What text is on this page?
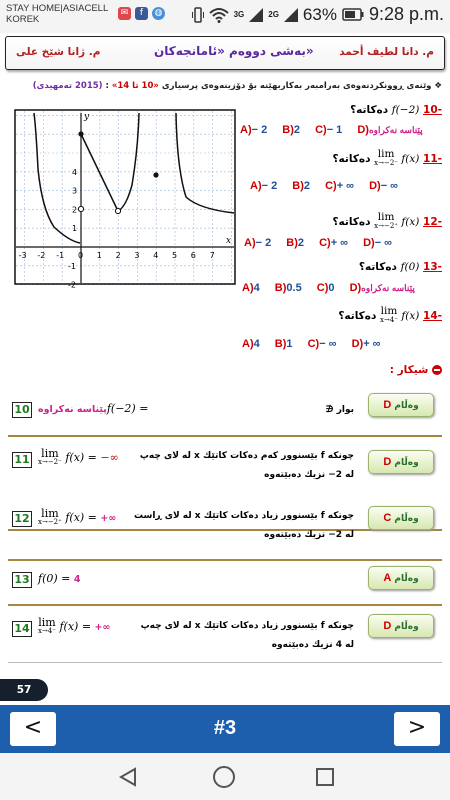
STAY HOME|ASIACELL
KOREK
✉	f	◍	3G	2G 63% 9:28 p.m.
م. ژانا شێخ علی	بەشی دووەم «ئامانجەكان» م. دانا لطیف أحمد
❖ وێنەی ڕوونكردنەوەی بەرامبەر بەكاربهێنە بۆ دۆزینەوەی پرسیاری «10 تا 14» : (2015 تەمهیدی)
x
y
-3 -2 -1 0 1 2 3 4 5 6 7
4
3
2
1
-1
-2
-10 f(−2) دەكاتە؟
A)− 2 B)2 C)− 1 D)پێناسە نەكراوە
-11 lim
x→−2⁻ f(x) دەكاتە؟
A)− 2 B)2 C)+ ∞ D)− ∞
-12 lim
x→−2⁺ f(x) دەكاتە؟
A)− 2 B)2 C)+ ∞ D)− ∞
-13 f(0) دەكاتە؟
A)4 B)0.5 C)0 D)پێناسە نەكراوە
-14 lim
x→4⁻ f(x) دەكاتە؟
A)4 B)1 C)− ∞ D)+ ∞
شیكار :
10	f(−2) = پێناسە نەكراوە	بوار ∉	وەڵام D
11 lim
x→−2⁻ f(x) = −∞ چونكە f بێسنوور كەم دەكات كاتێك x لە لای چەپ
لە 2− نزیك دەبێتەوە
وەڵام D
12 lim
x→−2⁺ f(x) = +∞ چونكە f بێسنوور زیاد دەكات كاتێك x لە لای ڕاست
لە 2− نزیك دەبێتەوە
وەڵام C
13 f(0) = 4	وەڵام A
14 lim
x→4⁻ f(x) = +∞	چونكە f بێسنوور زیاد دەكات كاتێك x لە لای چەپ
لە 4 نزیك دەبێتەوە
وەڵام D
57
<	#3	>
